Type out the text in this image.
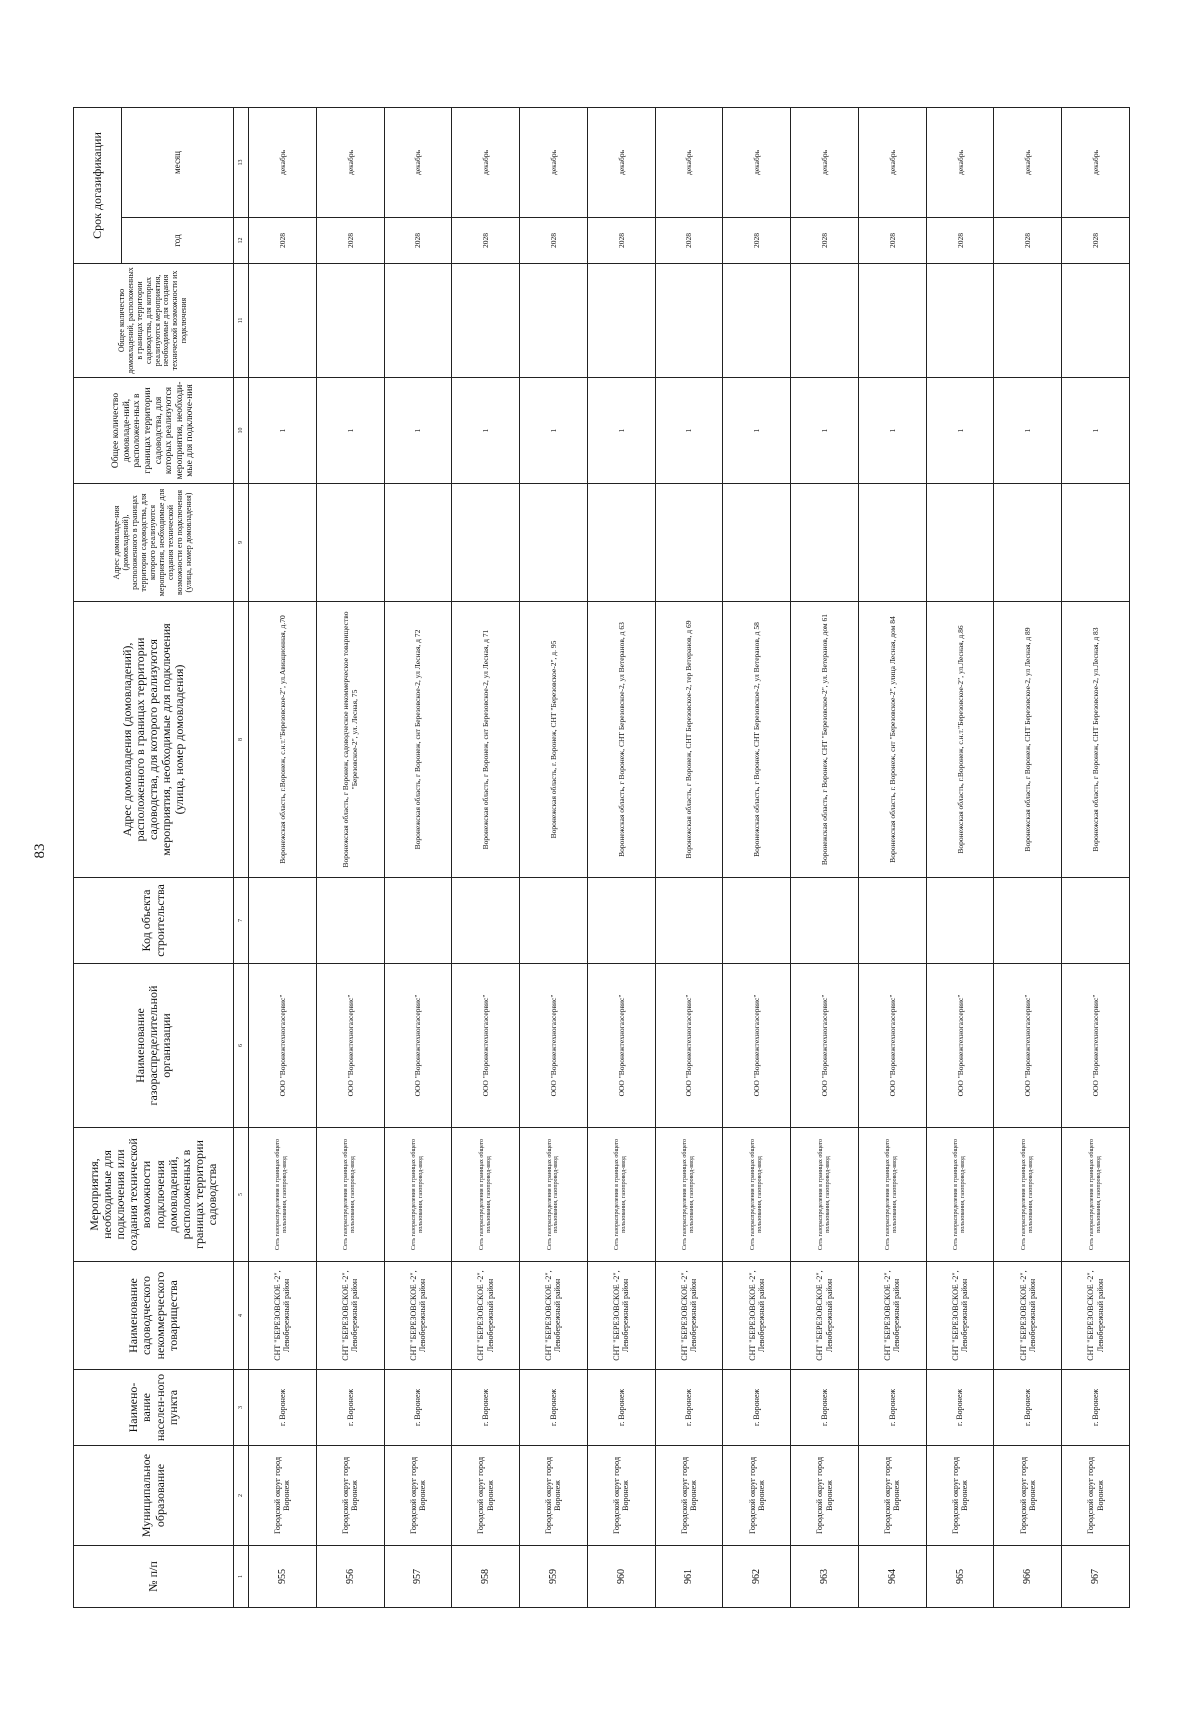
83
№ п/п	Муниципальное образование	Наимено-вание населен-ного пункта	Наименование садоводческого некоммерческого товарищества	Мероприятия, необходимые для подключения или создания технической возможности подключения домовладений, расположенных в границах территории садоводства	Наименование газораспределительной организации	Код объекта строительства	Адрес домовладения (домовладений), расположенного в границах территории садоводства, для которого реализуются мероприятия, необходимые для подключения (улица, номер домовладения)	Адрес домовладе-ния (домовладений), расположенного в границах территории садоводства, для которого реализуются мероприятия, необходимые для создания технической возможности его подключения (улица, номер домовладения)	Общее количество домовладе-ний, расположен-ных в границах территории садоводства, для которых реализуются мероприятия, необходи-мые для подключе-ния	Общее количество домовладений, расположенных в границах территории садоводства, для которых реализуются мероприятия, необходимые для создания технической возможности их подключения	Срок догазификации	
											год	месяц
1	2	3	4	5	6	7	8	9	10	11	12	13
955	Городской округ город Воронеж	г. Воронеж	СНТ "БЕРЕЗОВСКОЕ -2", Левобережный район	Сеть газораспределения в границах общего пользования, газопровод-ввод	ООО "Воронежтехногазсервис"		Воронежская область, г.Воронеж, с.н.т."Березовское-2", ул.Авиационная, д.70		1		2028	декабрь
956	Городской округ город Воронеж	г. Воронеж	СНТ "БЕРЕЗОВСКОЕ -2", Левобережный район	Сеть газораспределения в границах общего пользования, газопровод-ввод	ООО "Воронежтехногазсервис"		Воронежская область, г Воронеж, садоводческое некоммерческое товарищество "Березовское-2", ул. Лесная, 75		1		2028	декабрь
957	Городской округ город Воронеж	г. Воронеж	СНТ "БЕРЕЗОВСКОЕ -2", Левобережный район	Сеть газораспределения в границах общего пользования, газопровод-ввод	ООО "Воронежтехногазсервис"		Воронежская область, г Воронеж, снт Березовское-2, ул Лесная, д 72		1		2028	декабрь
958	Городской округ город Воронеж	г. Воронеж	СНТ "БЕРЕЗОВСКОЕ -2", Левобережный район	Сеть газораспределения в границах общего пользования, газопровод-ввод	ООО "Воронежтехногазсервис"		Воронежская область, г Воронеж, снт Березовское-2, ул Лесная, д 71		1		2028	декабрь
959	Городской округ город Воронеж	г. Воронеж	СНТ "БЕРЕЗОВСКОЕ -2", Левобережный район	Сеть газораспределения в границах общего пользования, газопровод-ввод	ООО "Воронежтехногазсервис"		Воронежская область, г. Воронеж, СНТ "Березовское-2", д. 95		1		2028	декабрь
960	Городской округ город Воронеж	г. Воронеж	СНТ "БЕРЕЗОВСКОЕ -2", Левобережный район	Сеть газораспределения в границах общего пользования, газопровод-ввод	ООО "Воронежтехногазсервис"		Воронежская область, г Воронеж, СНТ Березовское-2, ул Ветеранов, д 63		1		2028	декабрь
961	Городской округ город Воронеж	г. Воронеж	СНТ "БЕРЕЗОВСКОЕ -2", Левобережный район	Сеть газораспределения в границах общего пользования, газопровод-ввод	ООО "Воронежтехногазсервис"		Воронежская область, г Воронеж, СНТ Березовское-2, тер Ветеранов, д 69		1		2028	декабрь
962	Городской округ город Воронеж	г. Воронеж	СНТ "БЕРЕЗОВСКОЕ -2", Левобережный район	Сеть газораспределения в границах общего пользования, газопровод-ввод	ООО "Воронежтехногазсервис"		Воронежская область, г Воронеж, СНТ Березовское-2, ул Ветеранов, д 58		1		2028	декабрь
963	Городской округ город Воронеж	г. Воронеж	СНТ "БЕРЕЗОВСКОЕ -2", Левобережный район	Сеть газораспределения в границах общего пользования, газопровод-ввод	ООО "Воронежтехногазсервис"		Воронежская область, г Воронеж, СНТ "Березовское-2", ул. Ветеранов, дом 61		1		2028	декабрь
964	Городской округ город Воронеж	г. Воронеж	СНТ "БЕРЕЗОВСКОЕ -2", Левобережный район	Сеть газораспределения в границах общего пользования, газопровод-ввод	ООО "Воронежтехногазсервис"		Воронежская область, г. Воронеж, снт "Березовское-2", улица Лесная, дом 84		1		2028	декабрь
965	Городской округ город Воронеж	г. Воронеж	СНТ "БЕРЕЗОВСКОЕ -2", Левобережный район	Сеть газораспределения в границах общего пользования, газопровод-ввод	ООО "Воронежтехногазсервис"		Воронежская область, г.Воронеж, с.н.т."Березовское-2", ул.Лесная, д.86		1		2028	декабрь
966	Городской округ город Воронеж	г. Воронеж	СНТ "БЕРЕЗОВСКОЕ -2", Левобережный район	Сеть газораспределения в границах общего пользования, газопровод-ввод	ООО "Воронежтехногазсервис"		Воронежская область, г Воронеж, СНТ Березовское-2, ул Лесная, д 89		1		2028	декабрь
967	Городской округ город Воронеж	г. Воронеж	СНТ "БЕРЕЗОВСКОЕ -2", Левобережный район	Сеть газораспределения в границах общего пользования, газопровод-ввод	ООО "Воронежтехногазсервис"		Воронежская область, г Воронеж, СНТ Березовское-2, ул.Лесная, д 83		1		2028	декабрь
